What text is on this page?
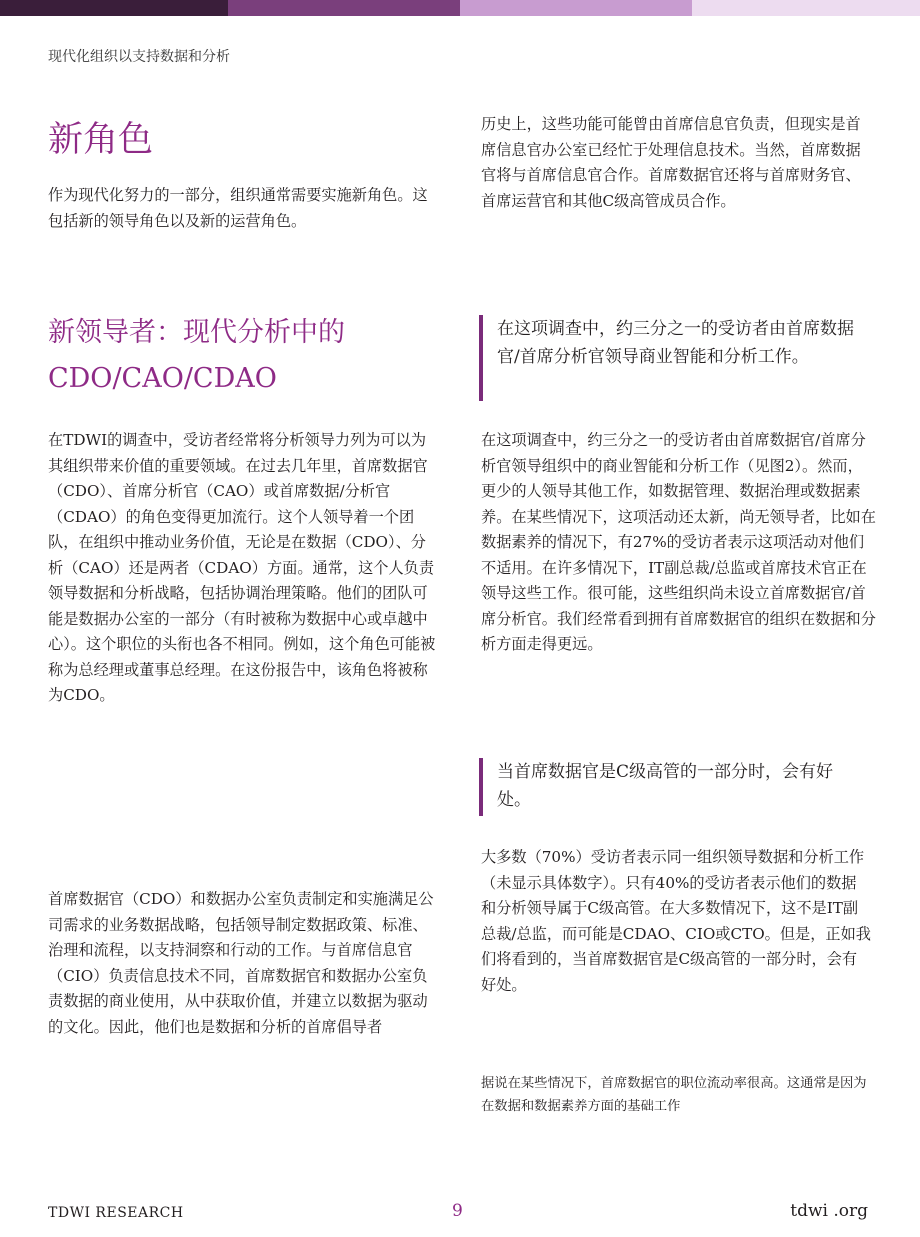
现代化组织以支持数据和分析
新角色

作为现代化努力的一部分，组织通常需要实施新角色。这包括新的领导角色以及新的运营角色。

历史上，这些功能可能曾由首席信息官负责，但现实是首席信息官办公室已经忙于处理信息技术。当然，首席数据官将与首席信息官合作。首席数据官还将与首席财务官、首席运营官和其他C级高管成员合作。

新领导者：现代分析中的CDO/CAO/CDAO
在这项调查中，约三分之一的受访者由首席数据官/首席分析官领导商业智能和分析工作。

在TDWI的调查中，受访者经常将分析领导力列为可以为其组织带来价值的重要领域。在过去几年里，首席数据官（CDO）、首席分析官（CAO）或首席数据/分析官（CDAO）的角色变得更加流行。这个人领导着一个团队，在组织中推动业务价值，无论是在数据（CDO）、分析（CAO）还是两者（CDAO）方面。通常，这个人负责领导数据和分析战略，包括协调治理策略。他们的团队可能是数据办公室的一部分（有时被称为数据中心或卓越中心）。这个职位的头衔也各不相同。例如，这个角色可能被称为总经理或董事总经理。在这份报告中，该角色将被称为CDO。

在这项调查中，约三分之一的受访者由首席数据官/首席分析官领导组织中的商业智能和分析工作（见图2）。然而，更少的人领导其他工作，如数据管理、数据治理或数据素养。在某些情况下，这项活动还太新，尚无领导者，比如在数据素养的情况下，有27%的受访者表示这项活动对他们不适用。在许多情况下，IT副总裁/总监或首席技术官正在领导这些工作。很可能，这些组织尚未设立首席数据官/首席分析官。我们经常看到拥有首席数据官的组织在数据和分析方面走得更远。

当首席数据官是C级高管的一部分时，会有好处。

大多数（70%）受访者表示同一组织领导数据和分析工作（未显示具体数字）。只有40%的受访者表示他们的数据和分析领导属于C级高管。在大多数情况下，这不是IT副总裁/总监，而可能是CDAO、CIO或CTO。但是，正如我们将看到的，当首席数据官是C级高管的一部分时，会有好处。

首席数据官（CDO）和数据办公室负责制定和实施满足公司需求的业务数据战略，包括领导制定数据政策、标准、治理和流程，以支持洞察和行动的工作。与首席信息官（CIO）负责信息技术不同，首席数据官和数据办公室负责数据的商业使用，从中获取价值，并建立以数据为驱动的文化。因此，他们也是数据和分析的首席倡导者

据说在某些情况下，首席数据官的职位流动率很高。这通常是因为在数据和数据素养方面的基础工作

TDWI RESEARCH	9	tdwi .org
